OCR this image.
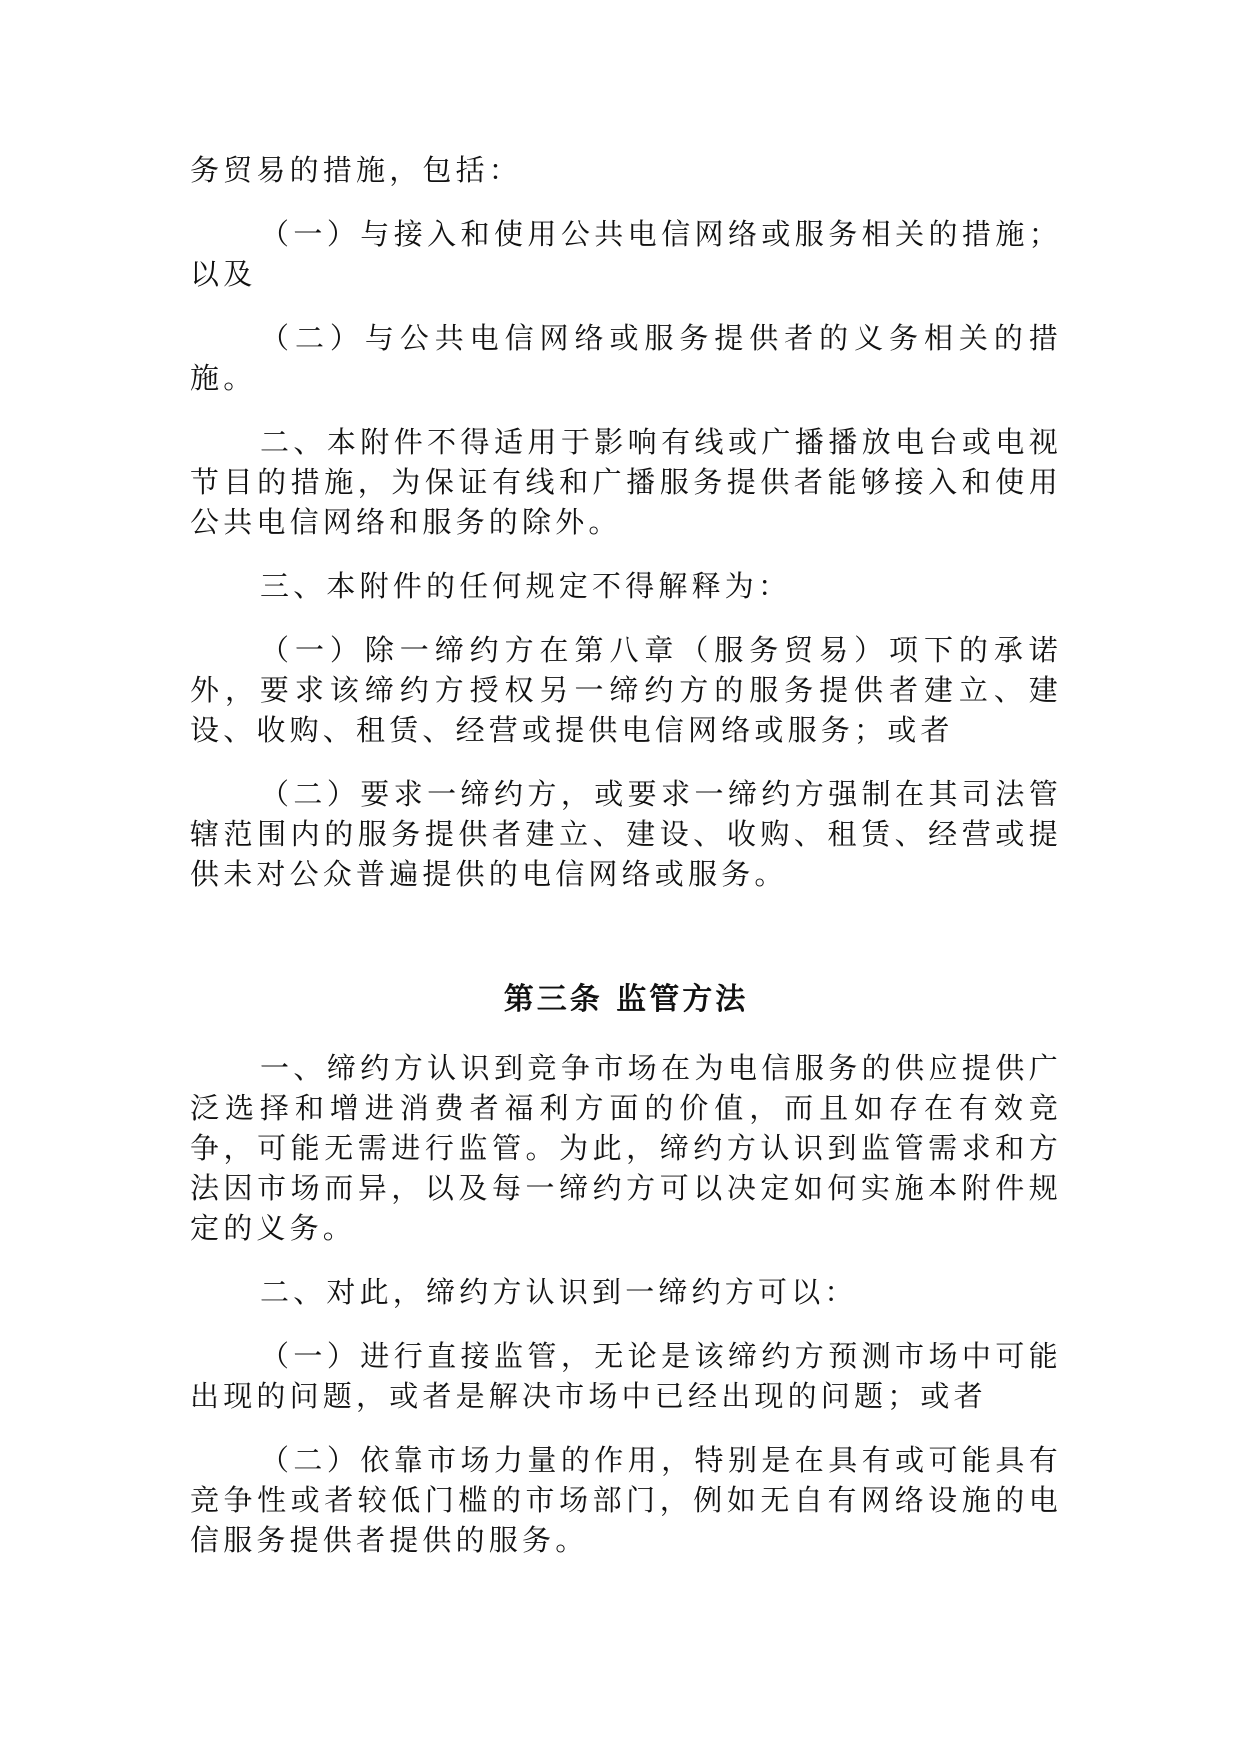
务贸易的措施，包括：

（一）与接入和使用公共电信网络或服务相关的措施；以及

（二）与公共电信网络或服务提供者的义务相关的措施。

二、本附件不得适用于影响有线或广播播放电台或电视节目的措施，为保证有线和广播服务提供者能够接入和使用公共电信网络和服务的除外。

三、本附件的任何规定不得解释为：

（一）除一缔约方在第八章（服务贸易）项下的承诺外，要求该缔约方授权另一缔约方的服务提供者建立、建设、收购、租赁、经营或提供电信网络或服务；或者

（二）要求一缔约方，或要求一缔约方强制在其司法管辖范围内的服务提供者建立、建设、收购、租赁、经营或提供未对公众普遍提供的电信网络或服务。

第三条 监管方法

一、缔约方认识到竞争市场在为电信服务的供应提供广泛选择和增进消费者福利方面的价值，而且如存在有效竞争，可能无需进行监管。为此，缔约方认识到监管需求和方法因市场而异，以及每一缔约方可以决定如何实施本附件规定的义务。

二、对此，缔约方认识到一缔约方可以：

（一）进行直接监管，无论是该缔约方预测市场中可能出现的问题，或者是解决市场中已经出现的问题；或者

（二）依靠市场力量的作用，特别是在具有或可能具有竞争性或者较低门槛的市场部门，例如无自有网络设施的电信服务提供者提供的服务。
